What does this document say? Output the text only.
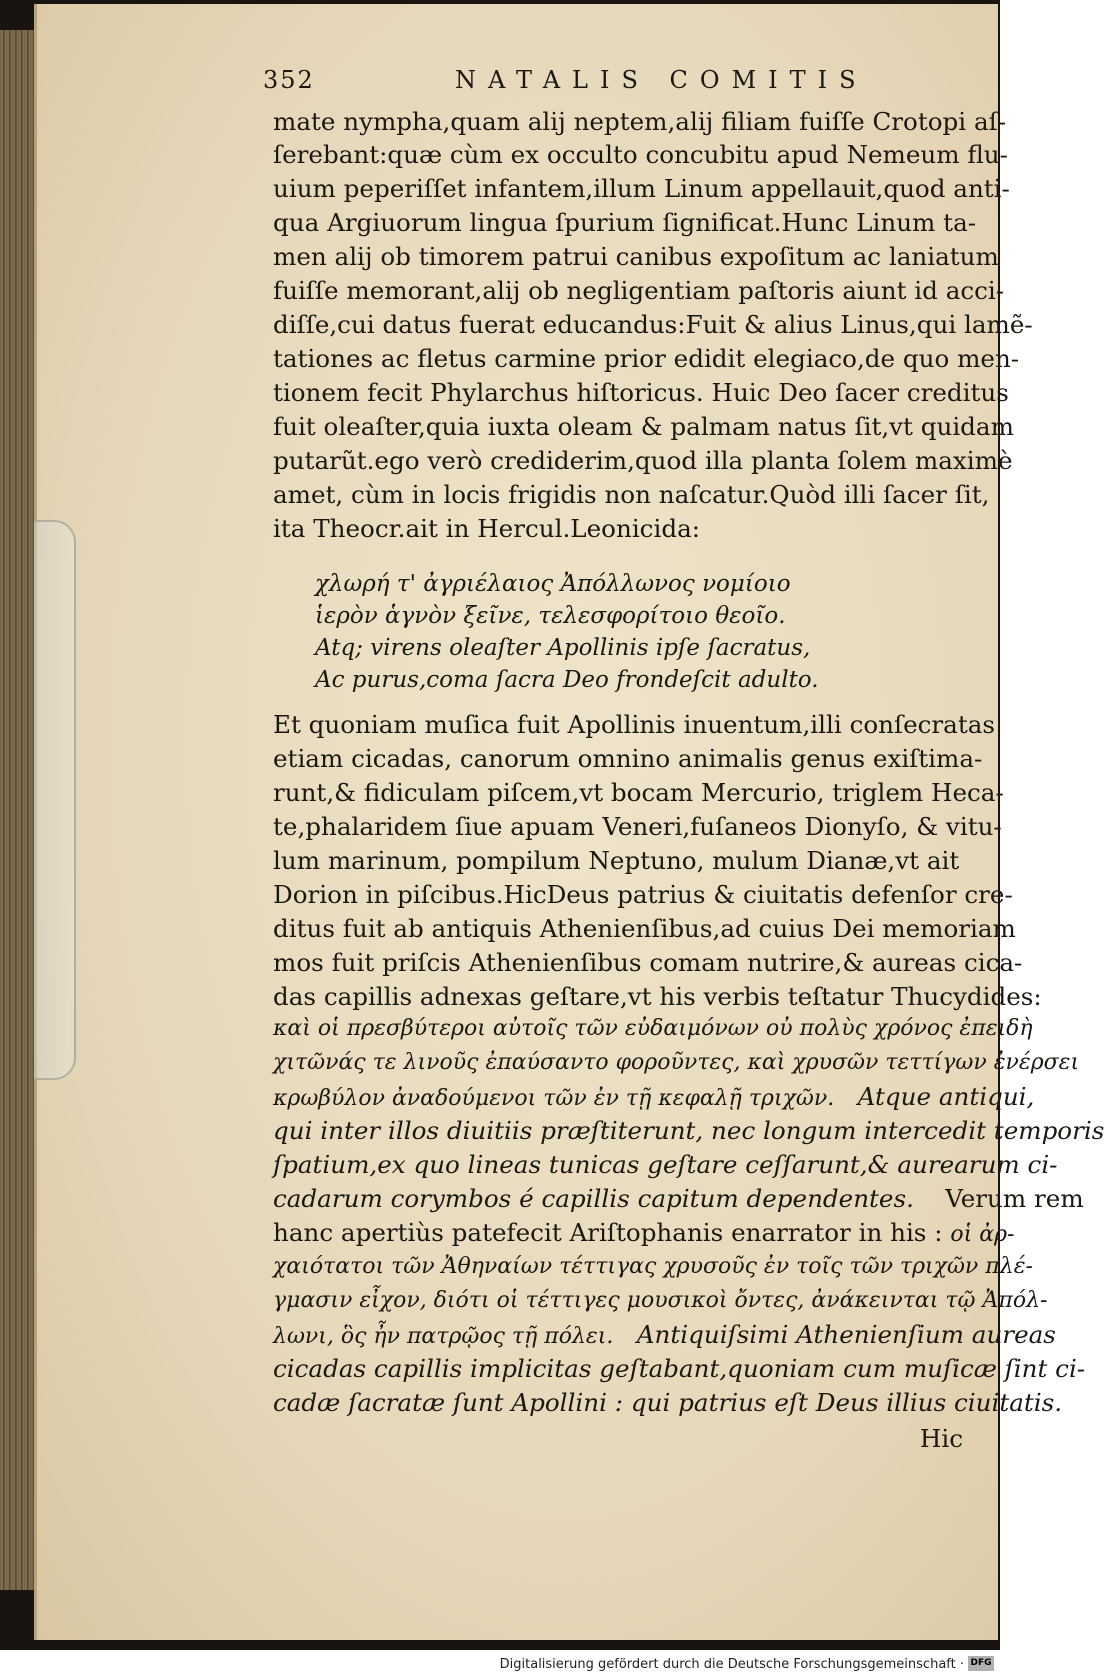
352	NATALIS COMITIS
mate nympha,quam alij neptem,alij filiam fuiſſe Crotopi aſ-
ſerebant:quæ cùm ex occulto concubitu apud Nemeum flu-
uium peperiſſet infantem,illum Linum appellauit,quod anti-
qua Argiuorum lingua ſpurium ſignificat.Hunc Linum ta-
men alij ob timorem patrui canibus expoſitum ac laniatum
fuiſſe memorant,alij ob negligentiam paſtoris aiunt id acci-
diſſe,cui datus fuerat educandus:Fuit & alius Linus,qui lamẽ-
tationes ac fletus carmine prior edidit elegiaco,de quo men-
tionem fecit Phylarchus hiſtoricus. Huic Deo ſacer creditus
fuit oleaſter,quia iuxta oleam & palmam natus ſit,vt quidam
putarũt.ego verò crediderim,quod illa planta ſolem maximè
amet, cùm in locis frigidis non naſcatur.Quòd illi ſacer ſit,
ita Theocr.ait in Hercul.Leonicida:
χλωρή τ' ἀγριέλαιος Ἀπόλλωνος νομίοιο
ἱερὸν ἁγνὸν ξεῖνε, τελεσφορίτοιο θεοῖο.
Atq; virens oleaſter Apollinis ipſe ſacratus,
Ac purus,coma ſacra Deo frondeſcit adulto.
Et quoniam muſica fuit Apollinis inuentum,illi conſecratas
etiam cicadas, canorum omnino animalis genus exiſtima-
runt,& fidiculam piſcem,vt bocam Mercurio, triglem Heca-
te,phalaridem ſiue apuam Veneri,fuſaneos Dionyſo, & vitu-
lum marinum, pompilum Neptuno, mulum Dianæ,vt ait
Dorion in piſcibus.HicDeus patrius & ciuitatis defenſor cre-
ditus fuit ab antiquis Athenienſibus,ad cuius Dei memoriam
mos fuit priſcis Athenienſibus comam nutrire,& aureas cica-
das capillis adnexas geſtare,vt his verbis teſtatur Thucydides:
καὶ οἱ πρεσβύτεροι αὐτοῖς τῶν εὐδαιμόνων οὐ πολὺς χρόνος ἐπειδὴ
χιτῶνάς τε λινοῦς ἐπαύσαντο φοροῦντες, καὶ χρυσῶν τεττίγων ἐνέρσει
κρωβύλον ἀναδούμενοι τῶν ἐν τῇ κεφαλῇ τριχῶν. Atque antiqui,
qui inter illos diuitiis præſtiterunt, nec longum intercedit temporis
ſpatium,ex quo lineas tunicas geſtare ceſſarunt,& aurearum ci-
cadarum corymbos é capillis capitum dependentes. Verum rem
hanc apertiùs patefecit Ariſtophanis enarrator in his : οἱ ἀρ-
χαιότατοι τῶν Ἀθηναίων τέττιγας χρυσοῦς ἐν τοῖς τῶν τριχῶν πλέ-
γμασιν εἶχον, διότι οἱ τέττιγες μουσικοὶ ὄντες, ἀνάκεινται τῷ Ἀπόλ-
λωνι, ὃς ἦν πατρῷος τῇ πόλει. Antiquiſsimi Athenienſium aureas
cicadas capillis implicitas geſtabant,quoniam cum muſicæ ſint ci-
cadæ ſacratæ ſunt Apollini : qui patrius eſt Deus illius ciuitatis.
Hic
Digitalisierung gefördert durch die Deutsche Forschungsgemeinschaft · DFG
